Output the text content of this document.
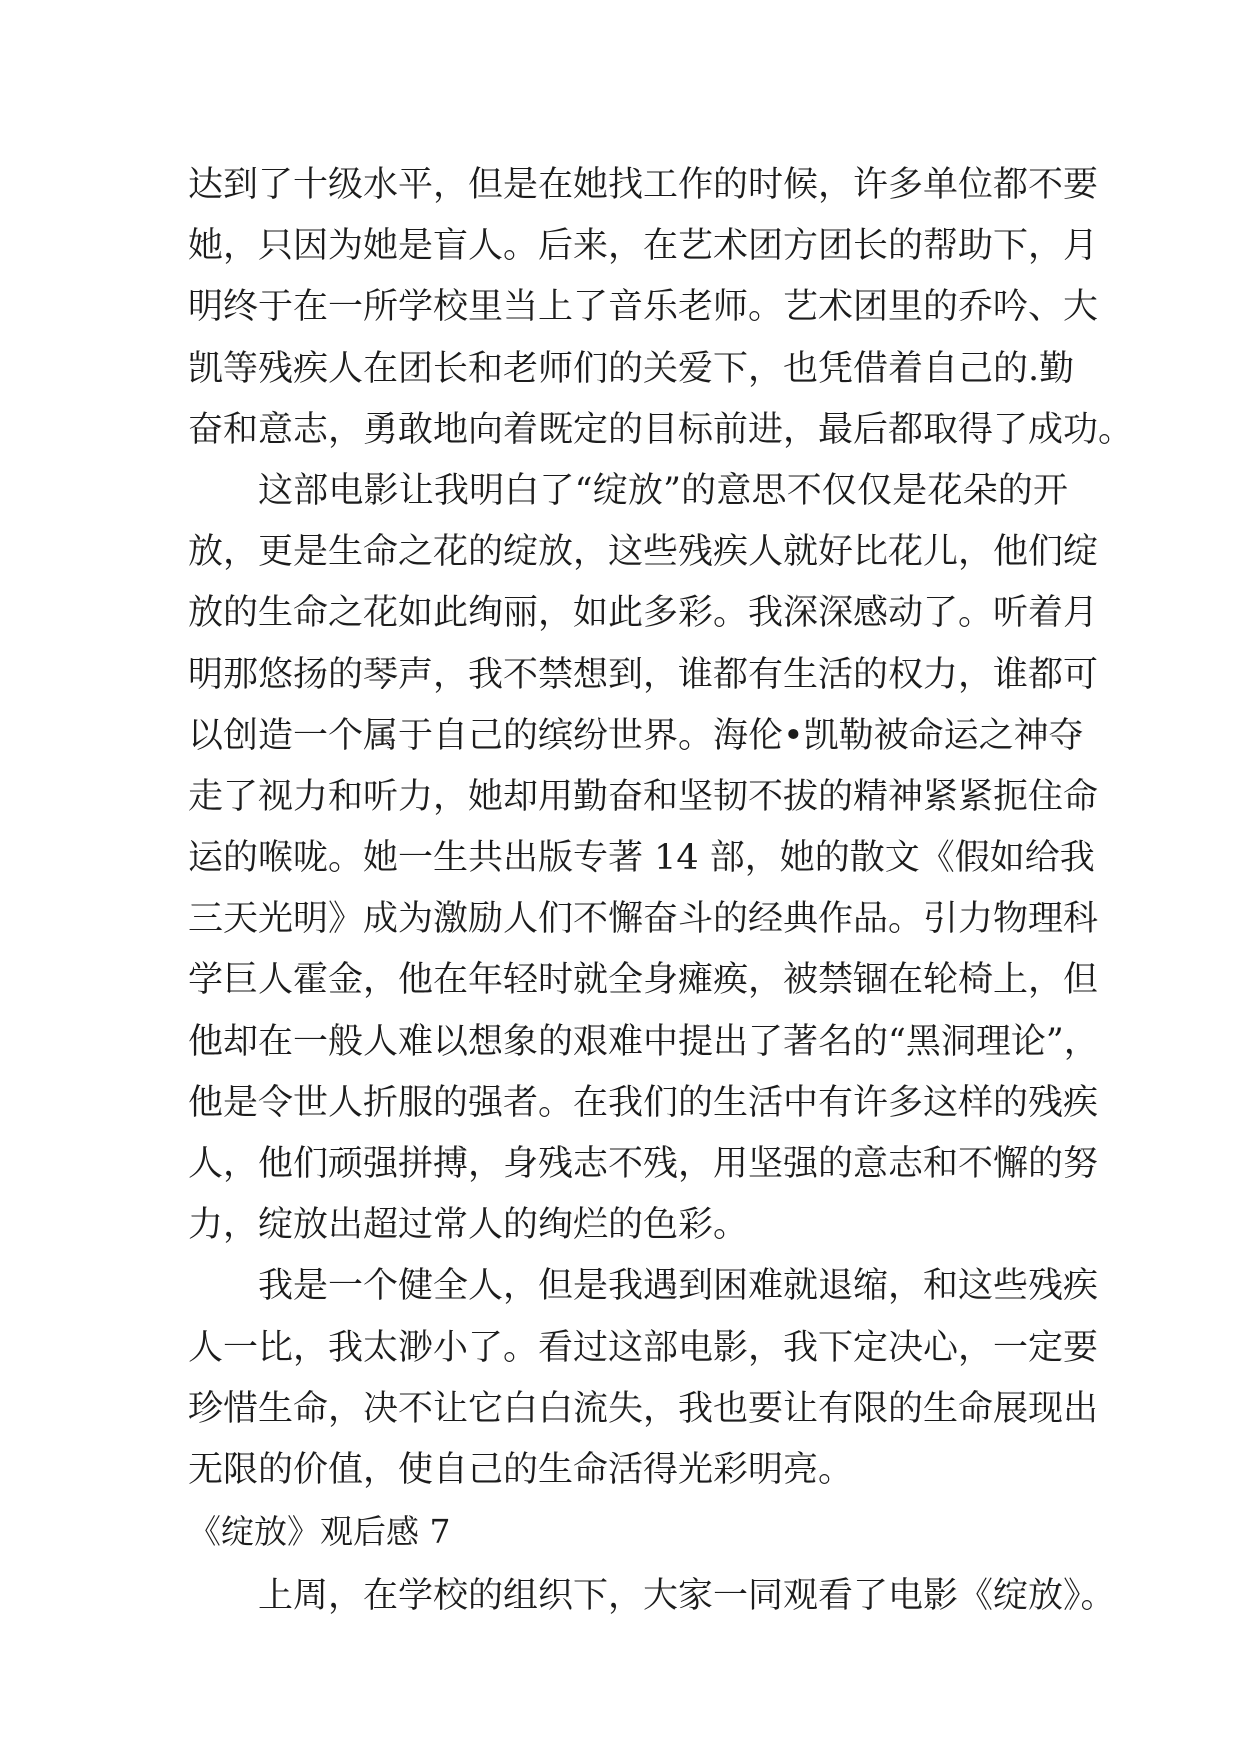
达到了十级水平，但是在她找工作的时候，许多单位都不要
她，只因为她是盲人。后来，在艺术团方团长的帮助下，月
明终于在一所学校里当上了音乐老师。艺术团里的乔吟、大
凯等残疾人在团长和老师们的关爱下，也凭借着自己的.勤
奋和意志，勇敢地向着既定的目标前进，最后都取得了成功。
这部电影让我明白了“绽放”的意思不仅仅是花朵的开
放，更是生命之花的绽放，这些残疾人就好比花儿，他们绽
放的生命之花如此绚丽，如此多彩。我深深感动了。听着月
明那悠扬的琴声，我不禁想到，谁都有生活的权力，谁都可
以创造一个属于自己的缤纷世界。海伦•凯勒被命运之神夺
走了视力和听力，她却用勤奋和坚韧不拔的精神紧紧扼住命
运的喉咙。她一生共出版专著 14 部，她的散文《假如给我
三天光明》成为激励人们不懈奋斗的经典作品。引力物理科
学巨人霍金，他在年轻时就全身瘫痪，被禁锢在轮椅上，但
他却在一般人难以想象的艰难中提出了著名的“黑洞理论”，
他是令世人折服的强者。在我们的生活中有许多这样的残疾
人，他们顽强拼搏，身残志不残，用坚强的意志和不懈的努
力，绽放出超过常人的绚烂的色彩。
我是一个健全人，但是我遇到困难就退缩，和这些残疾
人一比，我太渺小了。看过这部电影，我下定决心，一定要
珍惜生命，决不让它白白流失，我也要让有限的生命展现出
无限的价值，使自己的生命活得光彩明亮。
《绽放》观后感 7
上周，在学校的组织下，大家一同观看了电影《绽放》。
